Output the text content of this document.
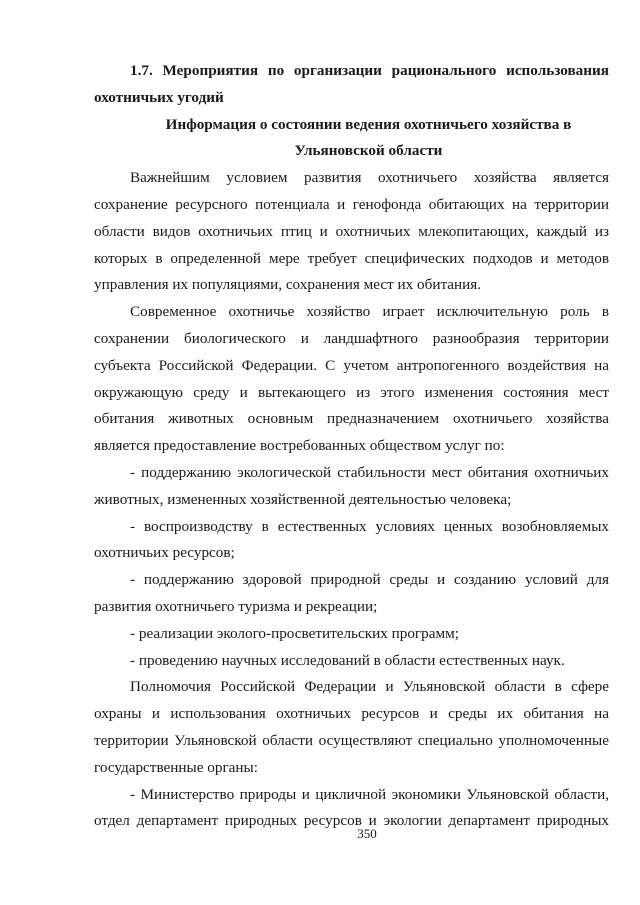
1.7. Мероприятия по организации рационального использования охотничьих угодий

Информация о состоянии ведения охотничьего хозяйства в Ульяновской области

Важнейшим условием развития охотничьего хозяйства является сохранение ресурсного потенциала и генофонда обитающих на территории области видов охотничьих птиц и охотничьих млекопитающих, каждый из которых в определенной мере требует специфических подходов и методов управления их популяциями, сохранения мест их обитания.

Современное охотничье хозяйство играет исключительную роль в сохранении биологического и ландшафтного разнообразия территории субъекта Российской Федерации. С учетом антропогенного воздействия на окружающую среду и вытекающего из этого изменения состояния мест обитания животных основным предназначением охотничьего хозяйства является предоставление востребованных обществом услуг по:

- поддержанию экологической стабильности мест обитания охотничьих животных, измененных хозяйственной деятельностью человека;

- воспроизводству в естественных условиях ценных возобновляемых охотничьих ресурсов;

- поддержанию здоровой природной среды и созданию условий для развития охотничьего туризма и рекреации;

- реализации эколого-просветительских программ;

- проведению научных исследований в области естественных наук.

Полномочия Российской Федерации и Ульяновской области в сфере охраны и использования охотничьих ресурсов и среды их обитания на территории Ульяновской области осуществляют специально уполномоченные государственные органы:

- Министерство природы и цикличной экономики Ульяновской области, отдел департамент природных ресурсов и экологии департамент природных

350
